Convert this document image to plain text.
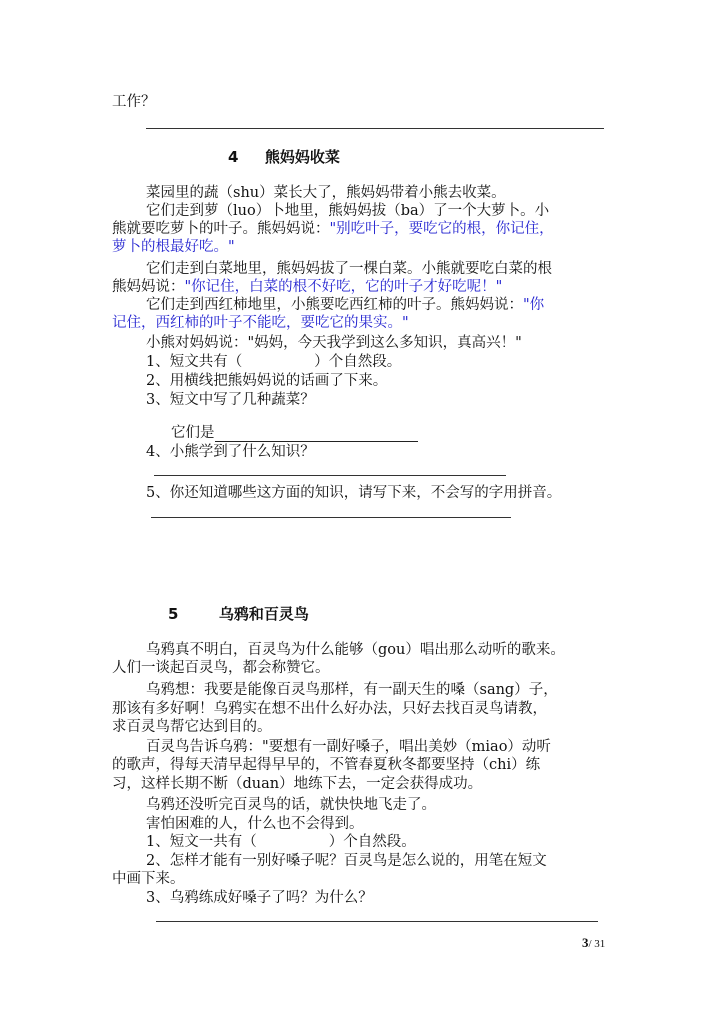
工作？
4 熊妈妈收菜
菜园里的蔬（shu）菜长大了，熊妈妈带着小熊去收菜。
它们走到萝（luo）卜地里，熊妈妈拔（ba）了一个大萝卜。小
熊就要吃萝卜的叶子。熊妈妈说："别吃叶子，要吃它的根，你记住，
萝卜的根最好吃。"
它们走到白菜地里，熊妈妈拔了一棵白菜。小熊就要吃白菜的根
熊妈妈说："你记住，白菜的根不好吃，它的叶子才好吃呢！"
它们走到西红柿地里，小熊要吃西红柿的叶子。熊妈妈说："你
记住，西红柿的叶子不能吃，要吃它的果实。"
小熊对妈妈说："妈妈，今天我学到这么多知识，真高兴！"
1、短文共有（	）个自然段。
2、用横线把熊妈妈说的话画了下来。
3、短文中写了几种蔬菜？
它们是
4、小熊学到了什么知识？
5、你还知道哪些这方面的知识，请写下来，不会写的字用拼音。
5	乌鸦和百灵鸟
乌鸦真不明白，百灵鸟为什么能够（gou）唱出那么动听的歌来。
人们一谈起百灵鸟，都会称赞它。
乌鸦想：我要是能像百灵鸟那样，有一副天生的嗓（sang）子，
那该有多好啊！乌鸦实在想不出什么好办法，只好去找百灵鸟请教，
求百灵鸟帮它达到目的。
百灵鸟告诉乌鸦："要想有一副好嗓子，唱出美妙（miao）动听
的歌声，得每天清早起得早早的，不管春夏秋冬都要坚持（chi）练
习，这样长期不断（duan）地练下去，一定会获得成功。
乌鸦还没听完百灵鸟的话，就快快地飞走了。
害怕困难的人，什么也不会得到。
1、短文一共有（	）个自然段。
2、怎样才能有一别好嗓子呢？百灵鸟是怎么说的，用笔在短文
中画下来。
3、乌鸦练成好嗓子了吗？为什么？
3/ 31
